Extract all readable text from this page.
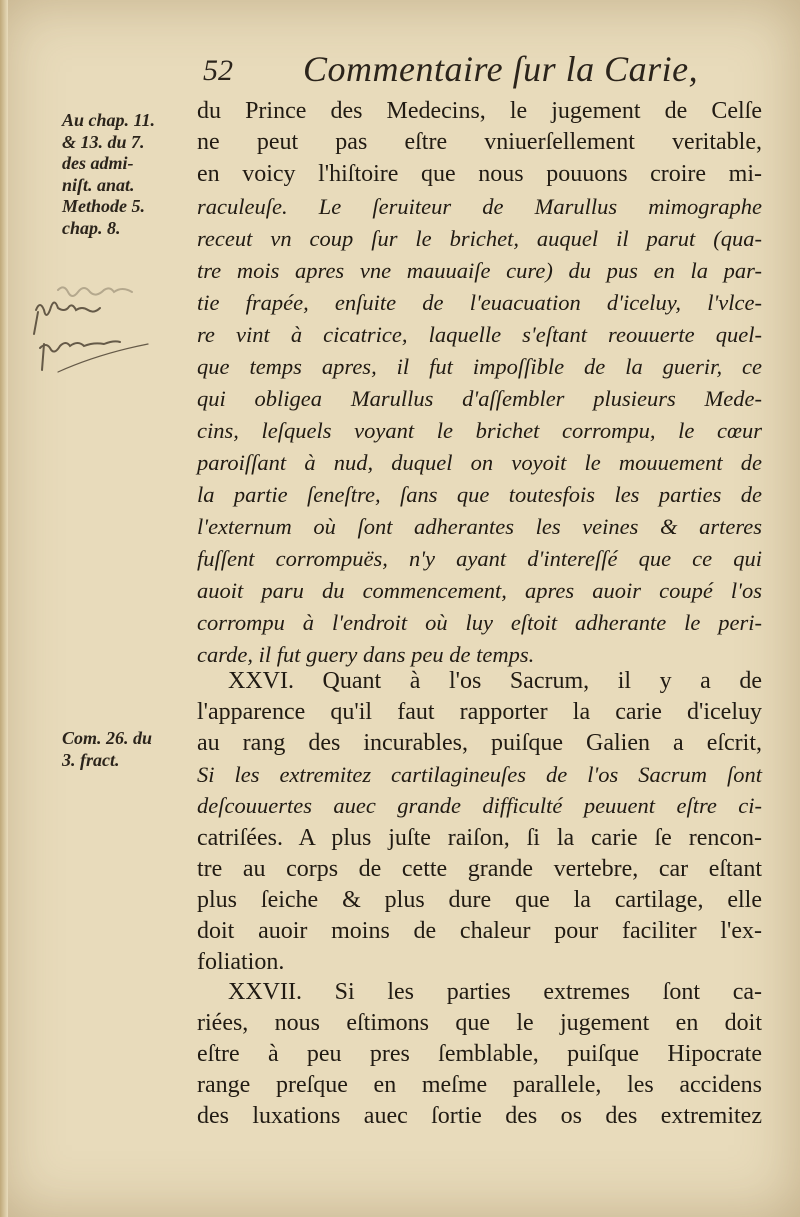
52 Commentaire ſur la Carie,
Au chap. 11.
& 13. du 7.
des admi-
niſt. anat.
Methode 5.
chap. 8.
Com. 26. du
3. fract.
du Prince des Medecins, le jugement de Celſe
ne peut pas eſtre vniuerſellement veritable,
en voicy l'hiſtoire que nous pouuons croire mi-
raculeuſe. Le ſeruiteur de Marullus mimographe
receut vn coup ſur le brichet, auquel il parut (qua-
tre mois apres vne mauuaiſe cure) du pus en la par-
tie frapée, enſuite de l'euacuation d'iceluy, l'vlce-
re vint à cicatrice, laquelle s'eſtant reouuerte quel-
que temps apres, il fut impoſſible de la guerir, ce
qui obligea Marullus d'aſſembler plusieurs Mede-
cins, leſquels voyant le brichet corrompu, le cœur
paroiſſant à nud, duquel on voyoit le mouuement de
la partie ſeneſtre, ſans que toutesfois les parties de
l'externum où ſont adherantes les veines & arteres
fuſſent corrompuës, n'y ayant d'intereſſé que ce qui
auoit paru du commencement, apres auoir coupé l'os
corrompu à l'endroit où luy eſtoit adherante le peri-
carde, il fut guery dans peu de temps.
XXVI. Quant à l'os Sacrum, il y a de
l'apparence qu'il faut rapporter la carie d'iceluy
au rang des incurables, puiſque Galien a eſcrit,
Si les extremitez cartilagineuſes de l'os Sacrum ſont
deſcouuertes auec grande difficulté peuuent eſtre ci-
catriſées. A plus juſte raiſon, ſi la carie ſe rencon-
tre au corps de cette grande vertebre, car eſtant
plus ſeiche & plus dure que la cartilage, elle
doit auoir moins de chaleur pour faciliter l'ex-
foliation.
XXVII. Si les parties extremes ſont ca-
riées, nous eſtimons que le jugement en doit
eſtre à peu pres ſemblable, puiſque Hipocrate
range preſque en meſme parallele, les accidens
des luxations auec ſortie des os des extremitez
